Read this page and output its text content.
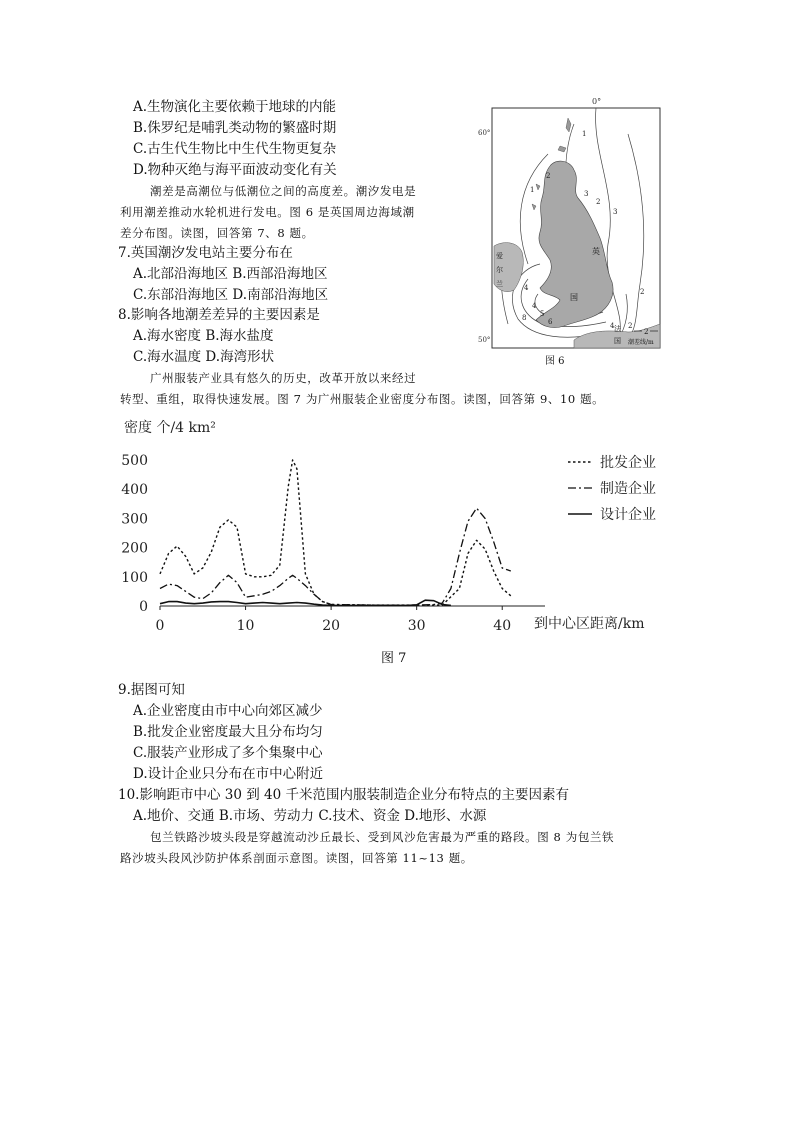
A.生物演化主要依赖于地球的内能
B.侏罗纪是哺乳类动物的繁盛时期
C.古生代生物比中生代生物更复杂
D.物种灭绝与海平面波动变化有关
潮差是高潮位与低潮位之间的高度差。潮汐发电是
利用潮差推动水轮机进行发电。图 6 是英国周边海域潮
差分布图。读图，回答第 7、8 题。
7.英国潮汐发电站主要分布在
A.北部沿海地区 B.西部沿海地区
C.东部沿海地区 D.南部沿海地区
8.影响各地潮差差异的主要因素是
A.海水密度 B.海水盐度
C.海水温度 D.海湾形状
0°
60°
50°
1
1
2
3
3
2
2
4
4
5
6
8
4 2
英
国
爱
尔
兰
法
国
2
潮差线/m
图 6
广州服装产业具有悠久的历史，改革开放以来经过
转型、重组，取得快速发展。图 7 为广州服装企业密度分布图。读图，回答第 9、10 题。
密度 个/4 km²
到中心区距离/km
0	10	20	30	40
0
100
200
300
400
500	批发企业
制造企业
设计企业
图 7
9.据图可知
A.企业密度由市中心向郊区减少
B.批发企业密度最大且分布均匀
C.服装产业形成了多个集聚中心
D.设计企业只分布在市中心附近
10.影响距市中心 30 到 40 千米范围内服装制造企业分布特点的主要因素有
A.地价、交通 B.市场、劳动力 C.技术、资金 D.地形、水源
包兰铁路沙坡头段是穿越流动沙丘最长、受到风沙危害最为严重的路段。图 8 为包兰铁
路沙坡头段风沙防护体系剖面示意图。读图，回答第 11~13 题。
